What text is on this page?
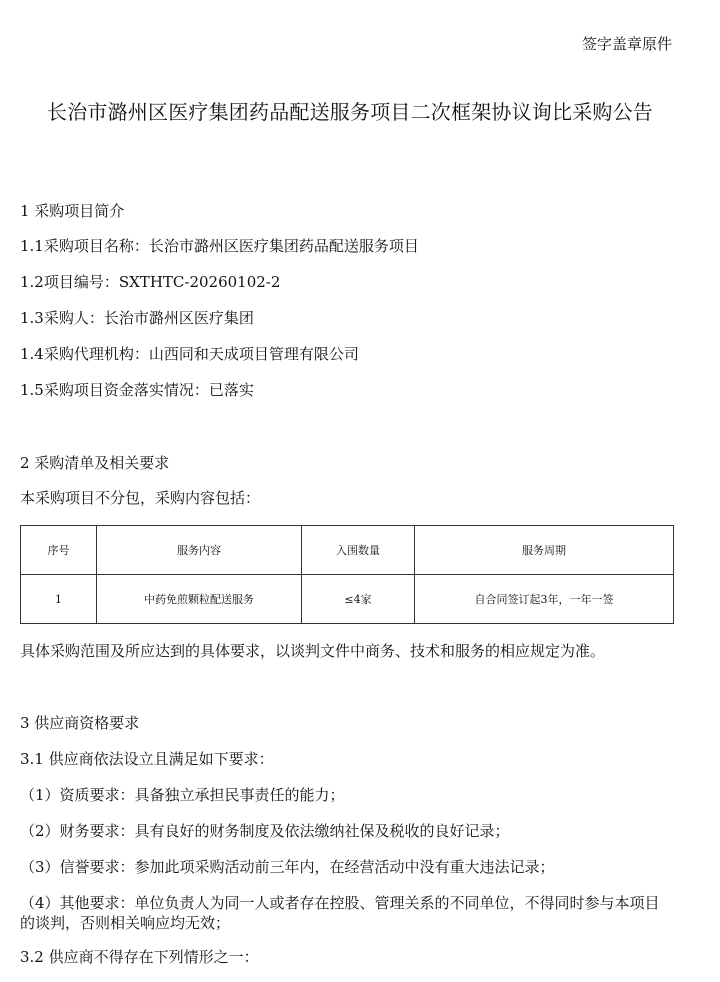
签字盖章原件
长治市潞州区医疗集团药品配送服务项目二次框架协议询比采购公告
1 采购项目简介
1.1采购项目名称：长治市潞州区医疗集团药品配送服务项目
1.2项目编号：SXTHTC-20260102-2
1.3采购人：长治市潞州区医疗集团
1.4采购代理机构：山西同和天成项目管理有限公司
1.5采购项目资金落实情况：已落实
2 采购清单及相关要求
本采购项目不分包，采购内容包括：
序号	服务内容	入围数量	服务周期
1	中药免煎颗粒配送服务	≤4家	自合同签订起3年，一年一签
具体采购范围及所应达到的具体要求，以谈判文件中商务、技术和服务的相应规定为准。
3 供应商资格要求
3.1 供应商依法设立且满足如下要求：
（1）资质要求：具备独立承担民事责任的能力；
（2）财务要求：具有良好的财务制度及依法缴纳社保及税收的良好记录；
（3）信誉要求：参加此项采购活动前三年内，在经营活动中没有重大违法记录；
（4）其他要求：单位负责人为同一人或者存在控股、管理关系的不同单位，不得同时参与本项目的谈判，否则相关响应均无效；
3.2 供应商不得存在下列情形之一：
